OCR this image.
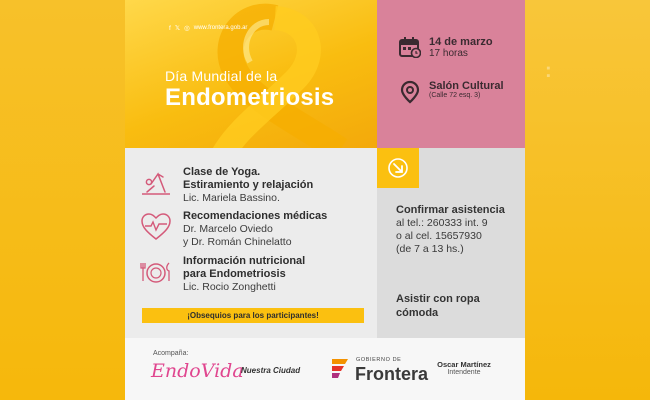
:
f 𝕏 ◎ www.frontera.gob.ar
Día Mundial de la
Endometriosis
14 de marzo
17 horas
Salón Cultural
(Calle 72 esq. 3)
Clase de Yoga.
Estiramiento y relajación
Lic. Mariela Bassino.
Recomendaciones médicas
Dr. Marcelo Oviedo
y Dr. Román Chinelatto
Información nutricional
para Endometriosis
Lic. Rocio Zonghetti
¡Obsequios para los participantes!
Confirmar asistencia
al tel.: 260333 int. 9
o al cel. 15657930
(de 7 a 13 hs.)
Asistir con ropa
cómoda
Acompaña:
EndoVida
Nuestra Ciudad
GOBIERNO DE
Frontera	Oscar Martínez
Intendente
